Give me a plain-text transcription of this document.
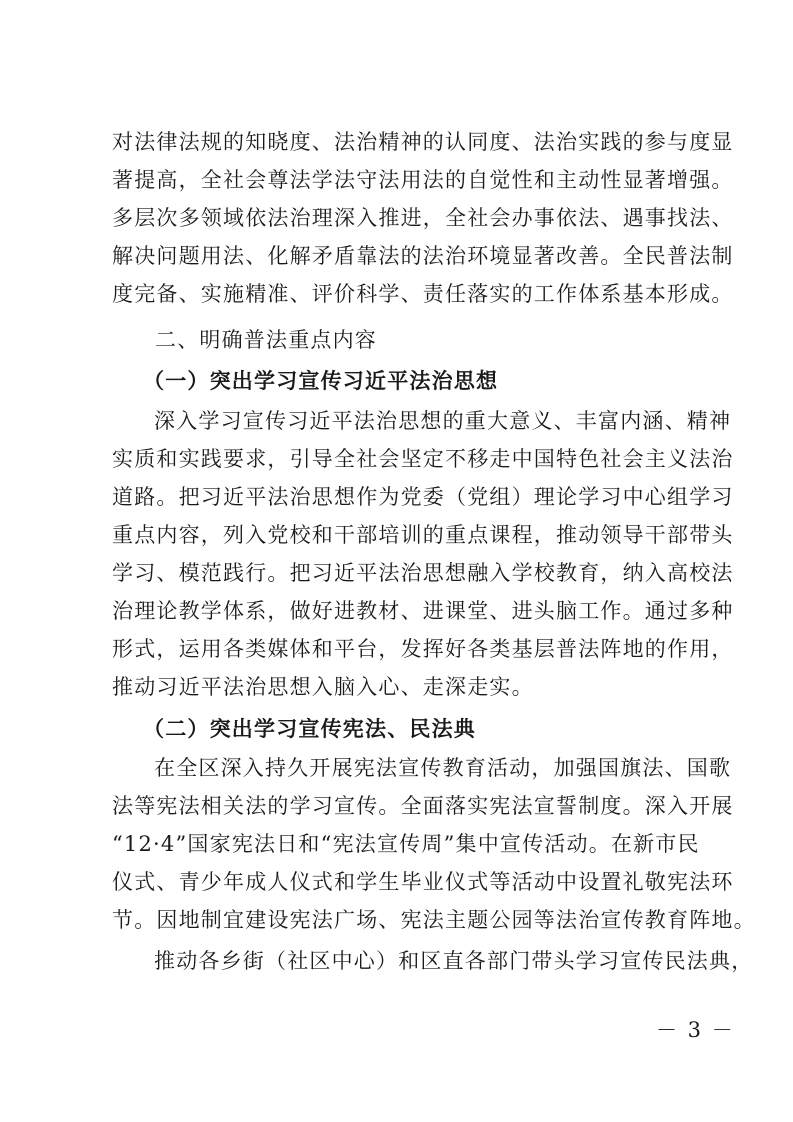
对法律法规的知晓度、法治精神的认同度、法治实践的参与度显
著提高，全社会尊法学法守法用法的自觉性和主动性显著增强。
多层次多领域依法治理深入推进，全社会办事依法、遇事找法、
解决问题用法、化解矛盾靠法的法治环境显著改善。全民普法制
度完备、实施精准、评价科学、责任落实的工作体系基本形成。
二、明确普法重点内容
（一）突出学习宣传习近平法治思想
深入学习宣传习近平法治思想的重大意义、丰富内涵、精神
实质和实践要求，引导全社会坚定不移走中国特色社会主义法治
道路。把习近平法治思想作为党委（党组）理论学习中心组学习
重点内容，列入党校和干部培训的重点课程，推动领导干部带头
学习、模范践行。把习近平法治思想融入学校教育，纳入高校法
治理论教学体系，做好进教材、进课堂、进头脑工作。通过多种
形式，运用各类媒体和平台，发挥好各类基层普法阵地的作用，
推动习近平法治思想入脑入心、走深走实。
（二）突出学习宣传宪法、民法典
在全区深入持久开展宪法宣传教育活动，加强国旗法、国歌
法等宪法相关法的学习宣传。全面落实宪法宣誓制度。深入开展
“12·4”国家宪法日和“宪法宣传周”集中宣传活动。在新市民
仪式、青少年成人仪式和学生毕业仪式等活动中设置礼敬宪法环
节。因地制宜建设宪法广场、宪法主题公园等法治宣传教育阵地。
推动各乡街（社区中心）和区直各部门带头学习宣传民法典，
－ 3 －
